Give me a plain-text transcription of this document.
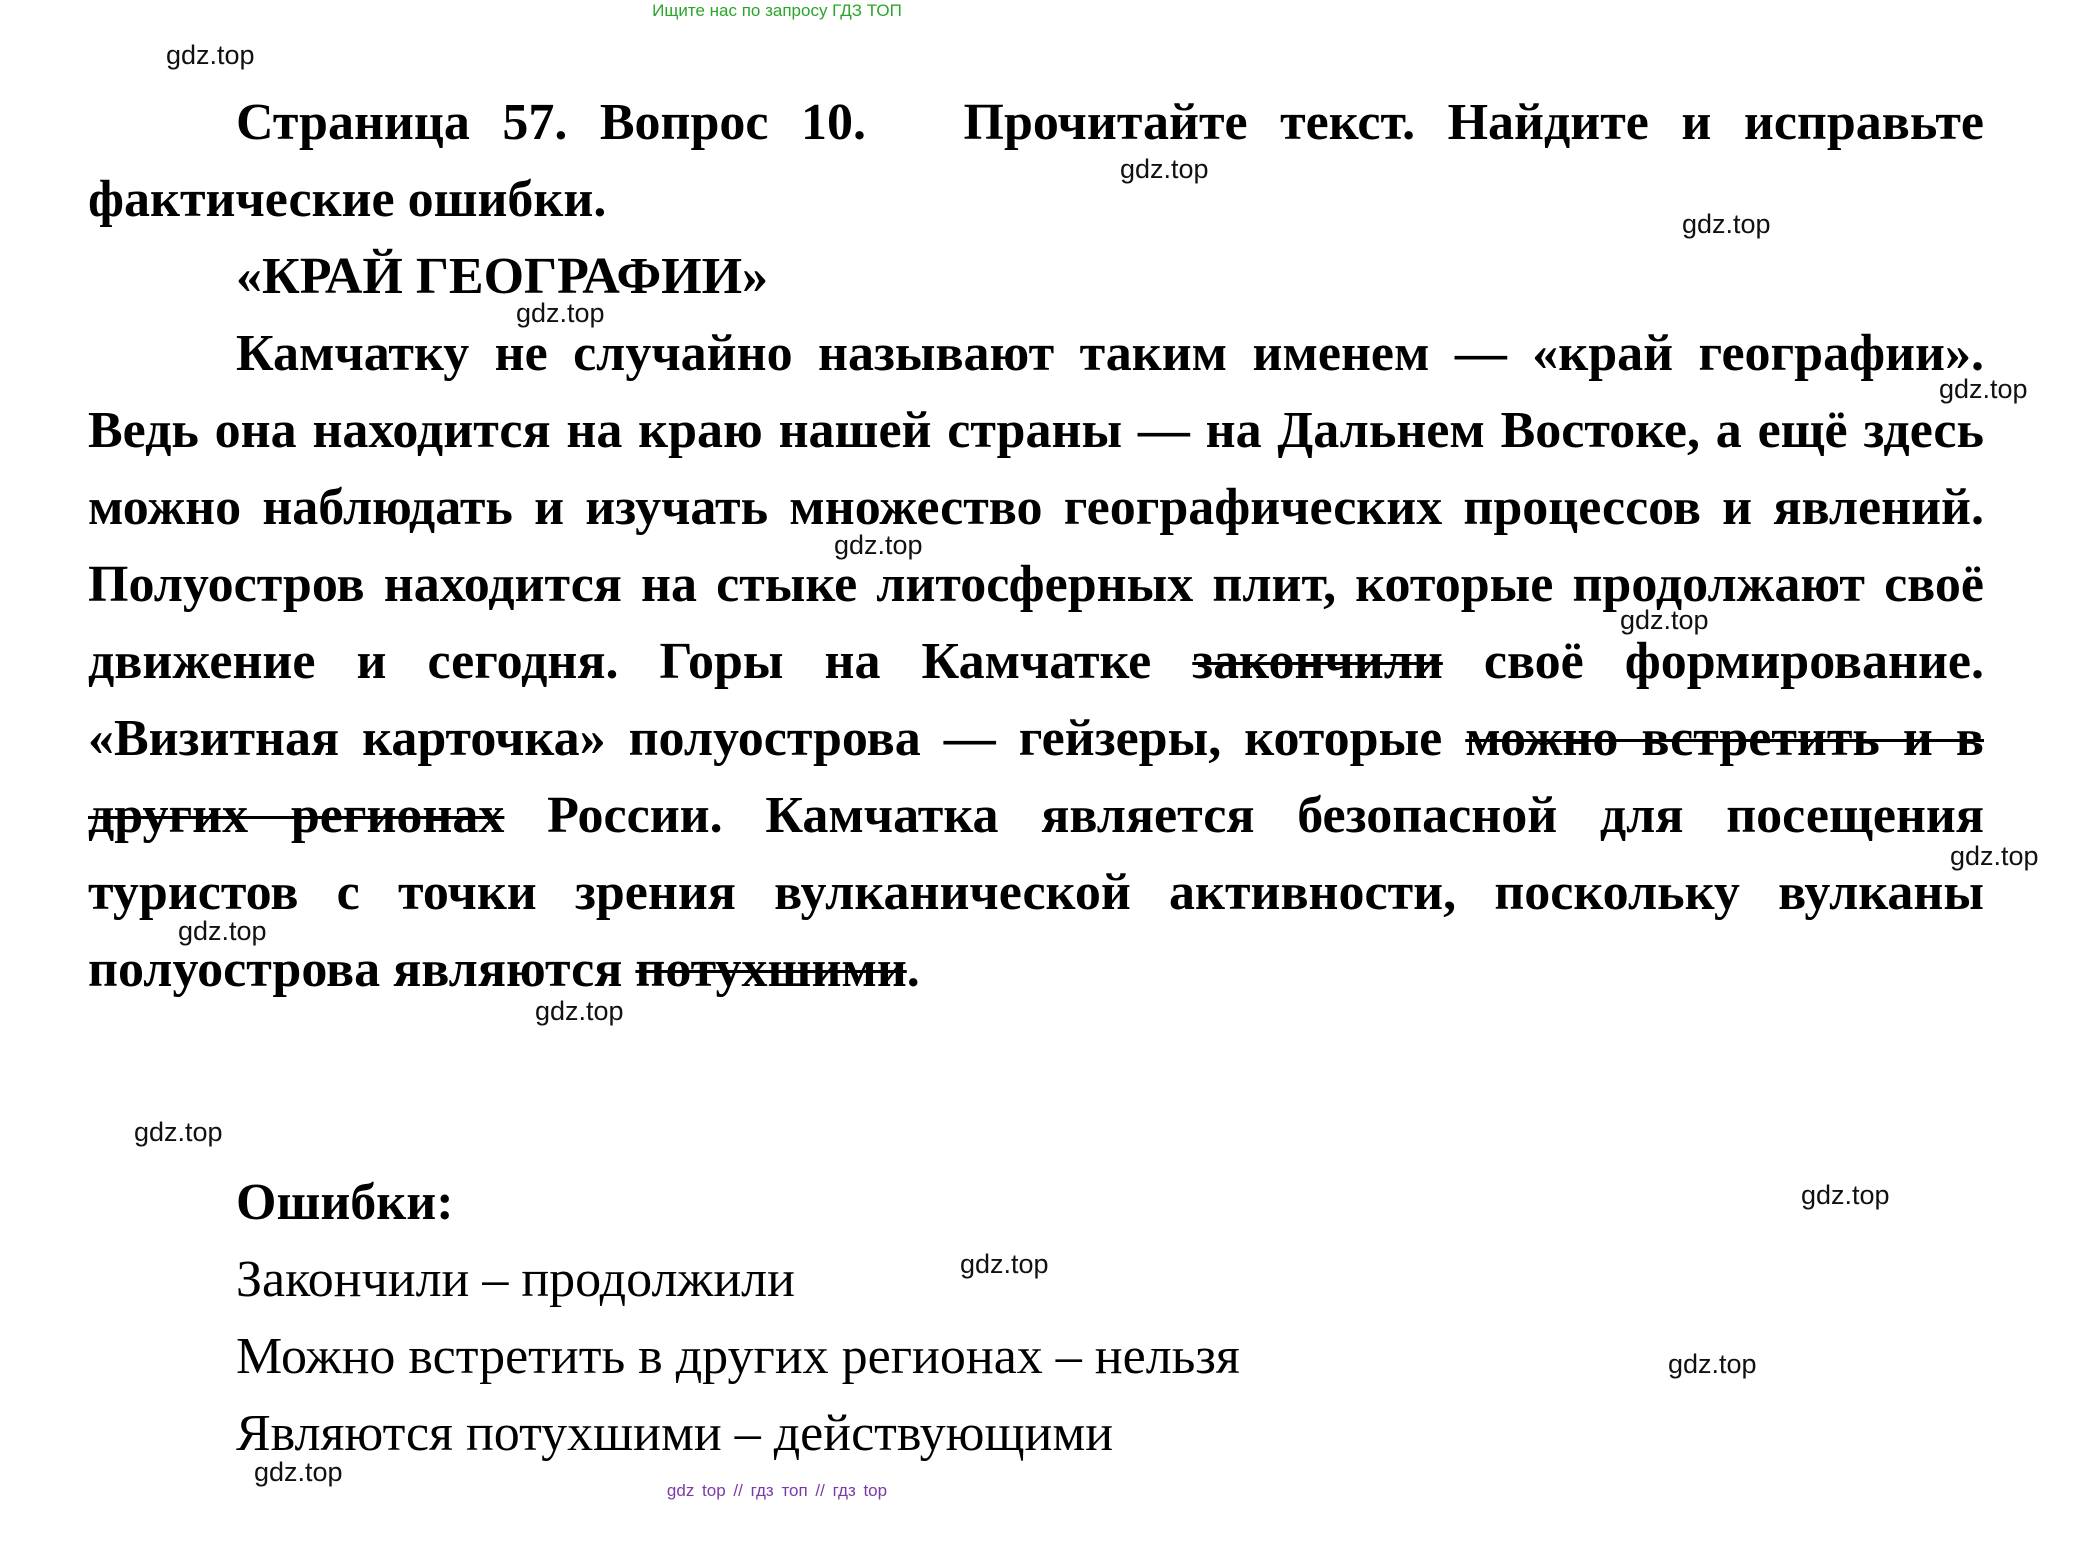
Ищите нас по запросу ГДЗ ТОП

Страница 57. Вопрос 10. Прочитайте текст. Найдите и исправьте фактические ошибки.

«КРАЙ ГЕОГРАФИИ»

Камчатку не случайно называют таким именем — «край географии». Ведь она находится на краю нашей страны — на Дальнем Востоке, а ещё здесь можно наблюдать и изучать множество географических процессов и явлений. Полуостров находится на стыке литосферных плит, которые продолжают своё движение и сегодня. Горы на Камчатке закончили своё формирование. «Визитная карточка» полуострова — гейзеры, которые можно встретить и в других регионах России. Камчатка является безопасной для посещения туристов с точки зрения вулканической активности, поскольку вулканы полуострова являются потухшими.

Ошибки:
Закончили – продолжили
Можно встретить в других регионах – нельзя
Являются потухшими – действующими
gdz.top
gdz.top
gdz.top
gdz.top
gdz.top
gdz.top
gdz.top
gdz.top
gdz.top
gdz.top
gdz.top
gdz.top
gdz.top
gdz.top
gdz.top
gdz top // гдз топ // гдз top
